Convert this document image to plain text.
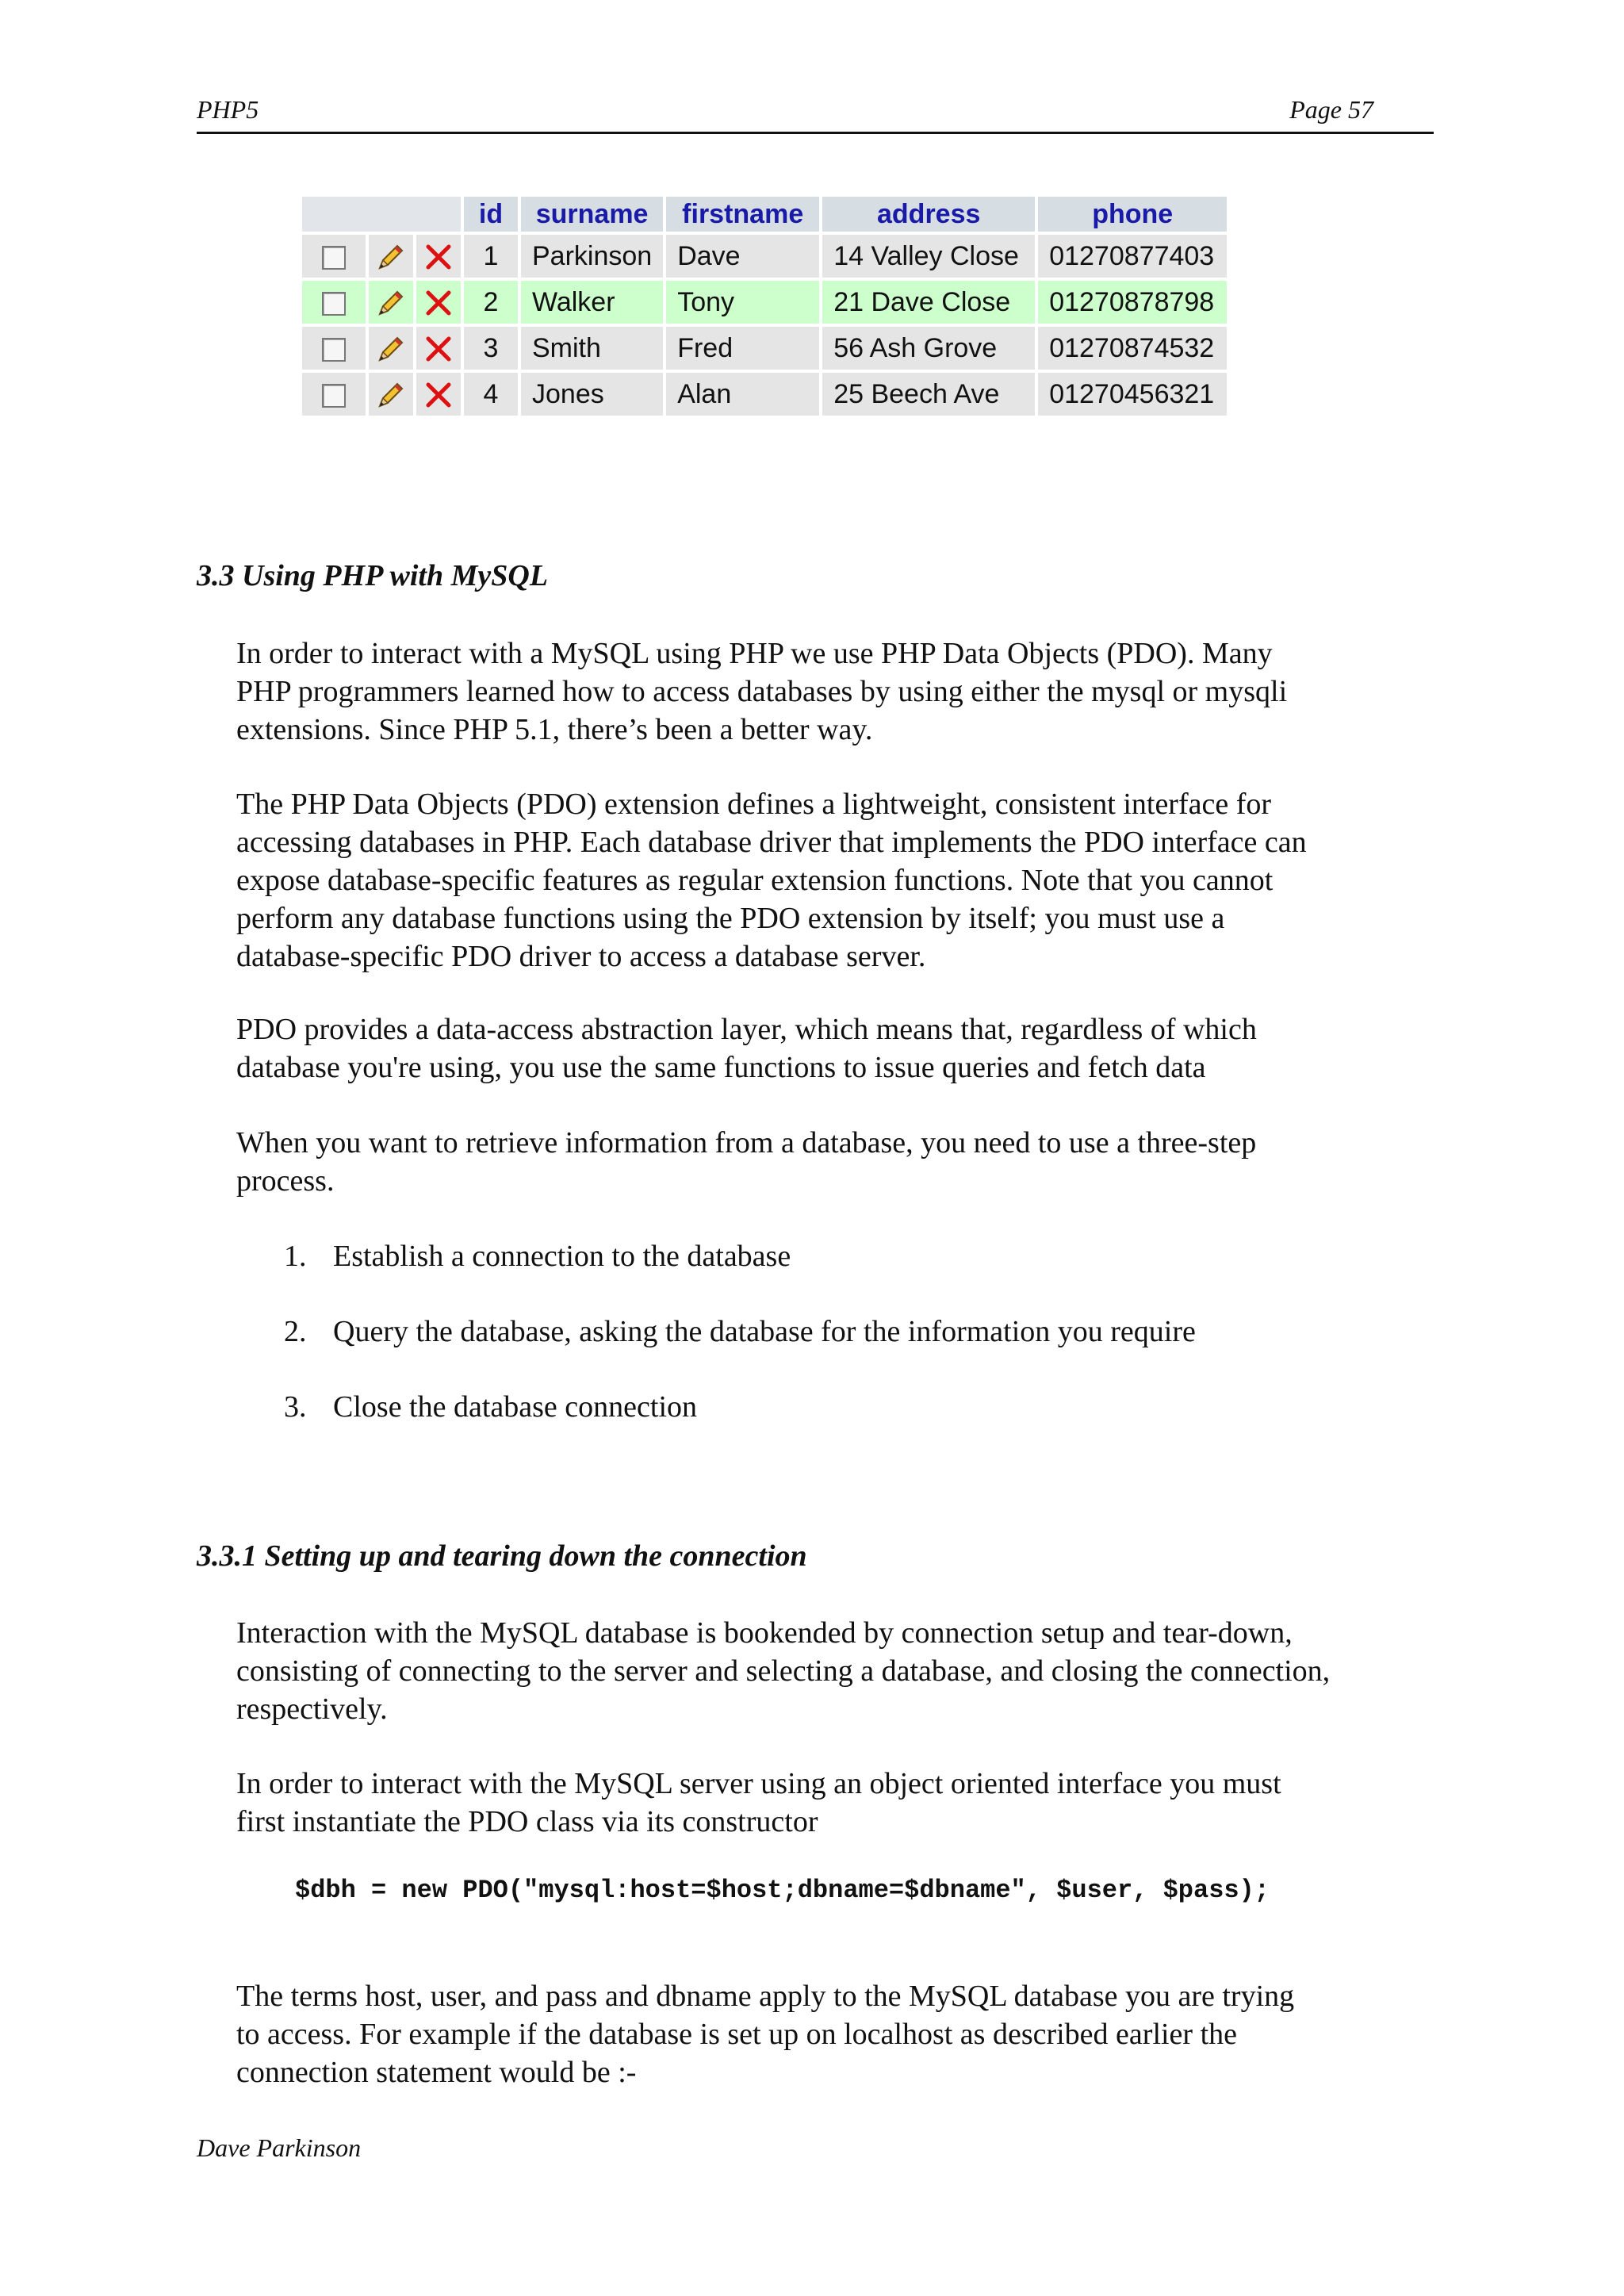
PHP5	Page 57
			id	surname	firstname	address	phone
			1	Parkinson	Dave	14 Valley Close	01270877403
			2	Walker	Tony	21 Dave Close	01270878798
			3	Smith	Fred	56 Ash Grove	01270874532
			4	Jones	Alan	25 Beech Ave	01270456321
3.3 Using PHP with MySQL

In order to interact with a MySQL using PHP we use PHP Data Objects (PDO). Many
PHP programmers learned how to access databases by using either the mysql or mysqli
extensions. Since PHP 5.1, there’s been a better way.

The PHP Data Objects (PDO) extension defines a lightweight, consistent interface for
accessing databases in PHP. Each database driver that implements the PDO interface can
expose database-specific features as regular extension functions. Note that you cannot
perform any database functions using the PDO extension by itself; you must use a
database-specific PDO driver to access a database server.

PDO provides a data-access abstraction layer, which means that, regardless of which
database you're using, you use the same functions to issue queries and fetch data

When you want to retrieve information from a database, you need to use a three-step
process.

1. Establish a connection to the database
2. Query the database, asking the database for the information you require
3. Close the database connection
3.3.1 Setting up and tearing down the connection

Interaction with the MySQL database is bookended by connection setup and tear-down,
consisting of connecting to the server and selecting a database, and closing the connection,
respectively.

In order to interact with the MySQL server using an object oriented interface you must
first instantiate the PDO class via its constructor

$dbh = new PDO("mysql:host=$host;dbname=$dbname", $user, $pass);

The terms host, user, and pass and dbname apply to the MySQL database you are trying
to access. For example if the database is set up on localhost as described earlier the
connection statement would be :-

Dave Parkinson
